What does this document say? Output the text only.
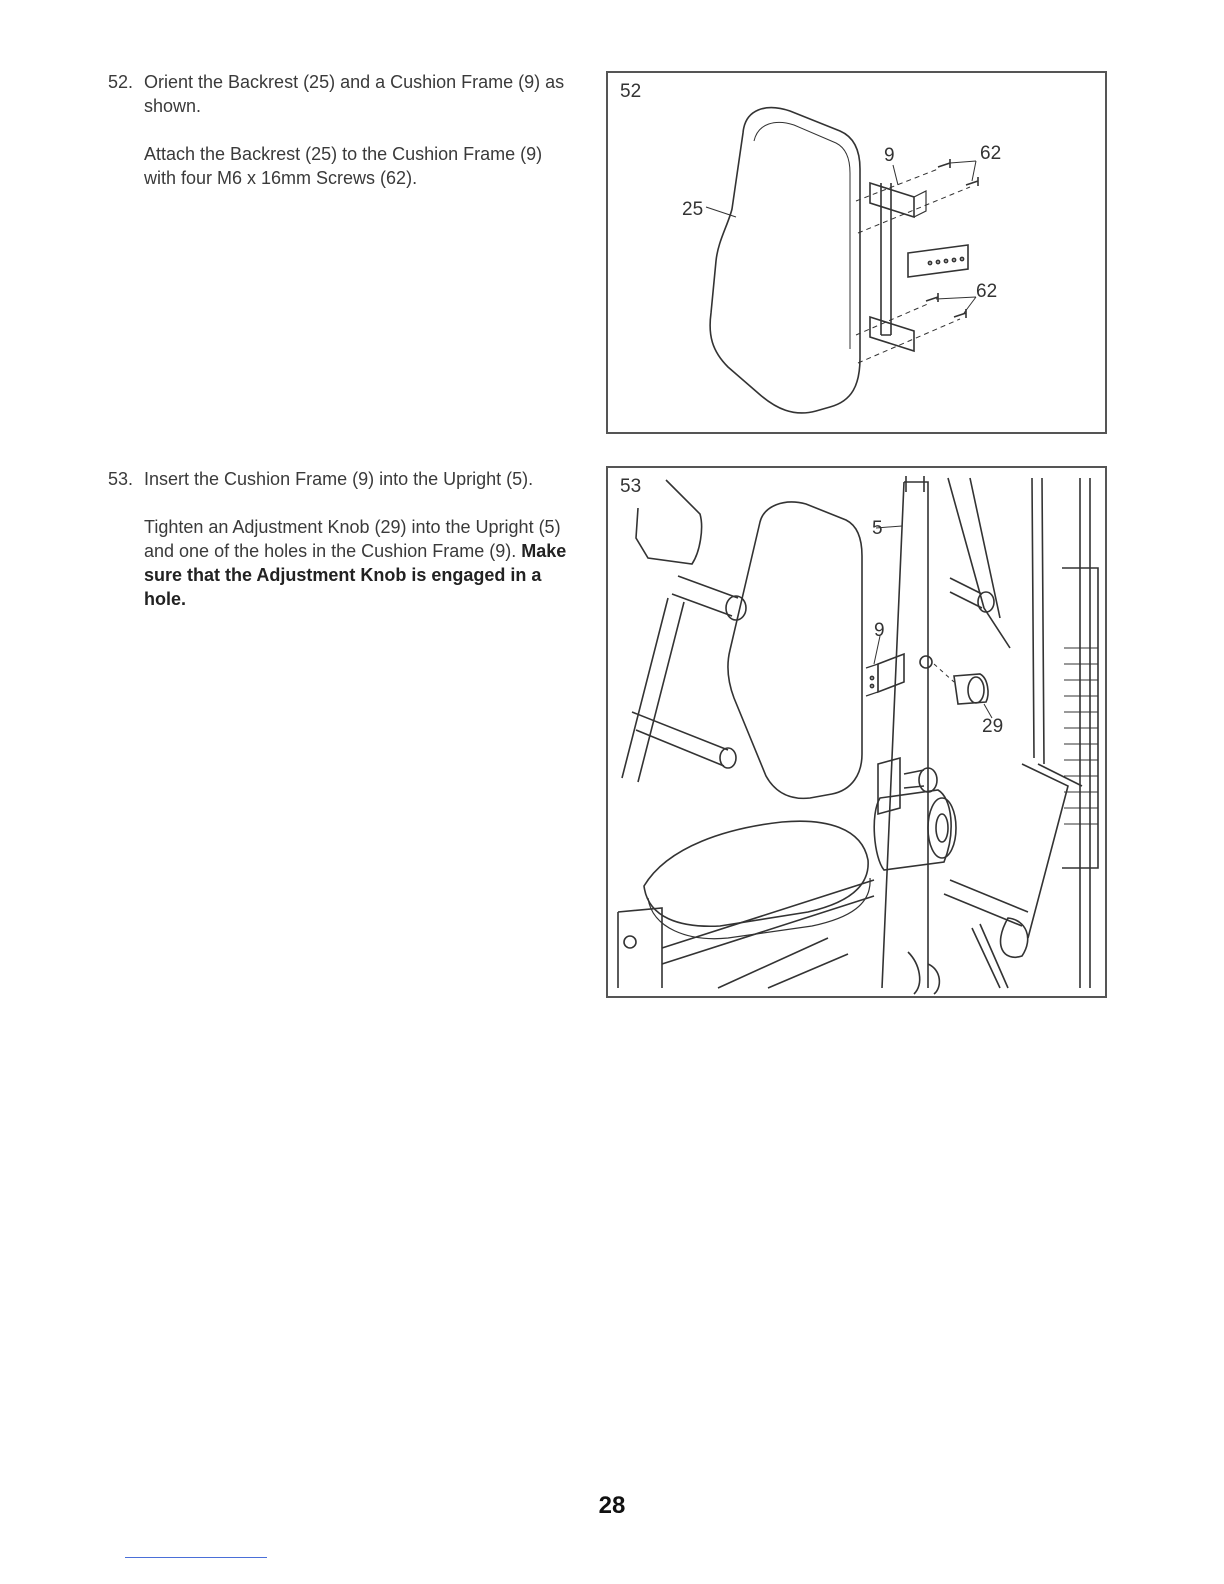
52. Orient the Backrest (25) and a Cushion Frame (9) as shown.

Attach the Backrest (25) to the Cushion Frame (9) with four M6 x 16mm Screws (62).

53. Insert the Cushion Frame (9) into the Upright (5).

Tighten an Adjustment Knob (29) into the Upright (5) and one of the holes in the Cushion Frame (9). Make sure that the Adjustment Knob is engaged in a hole.

52
25
9	62
62
53
5
9
29
28
